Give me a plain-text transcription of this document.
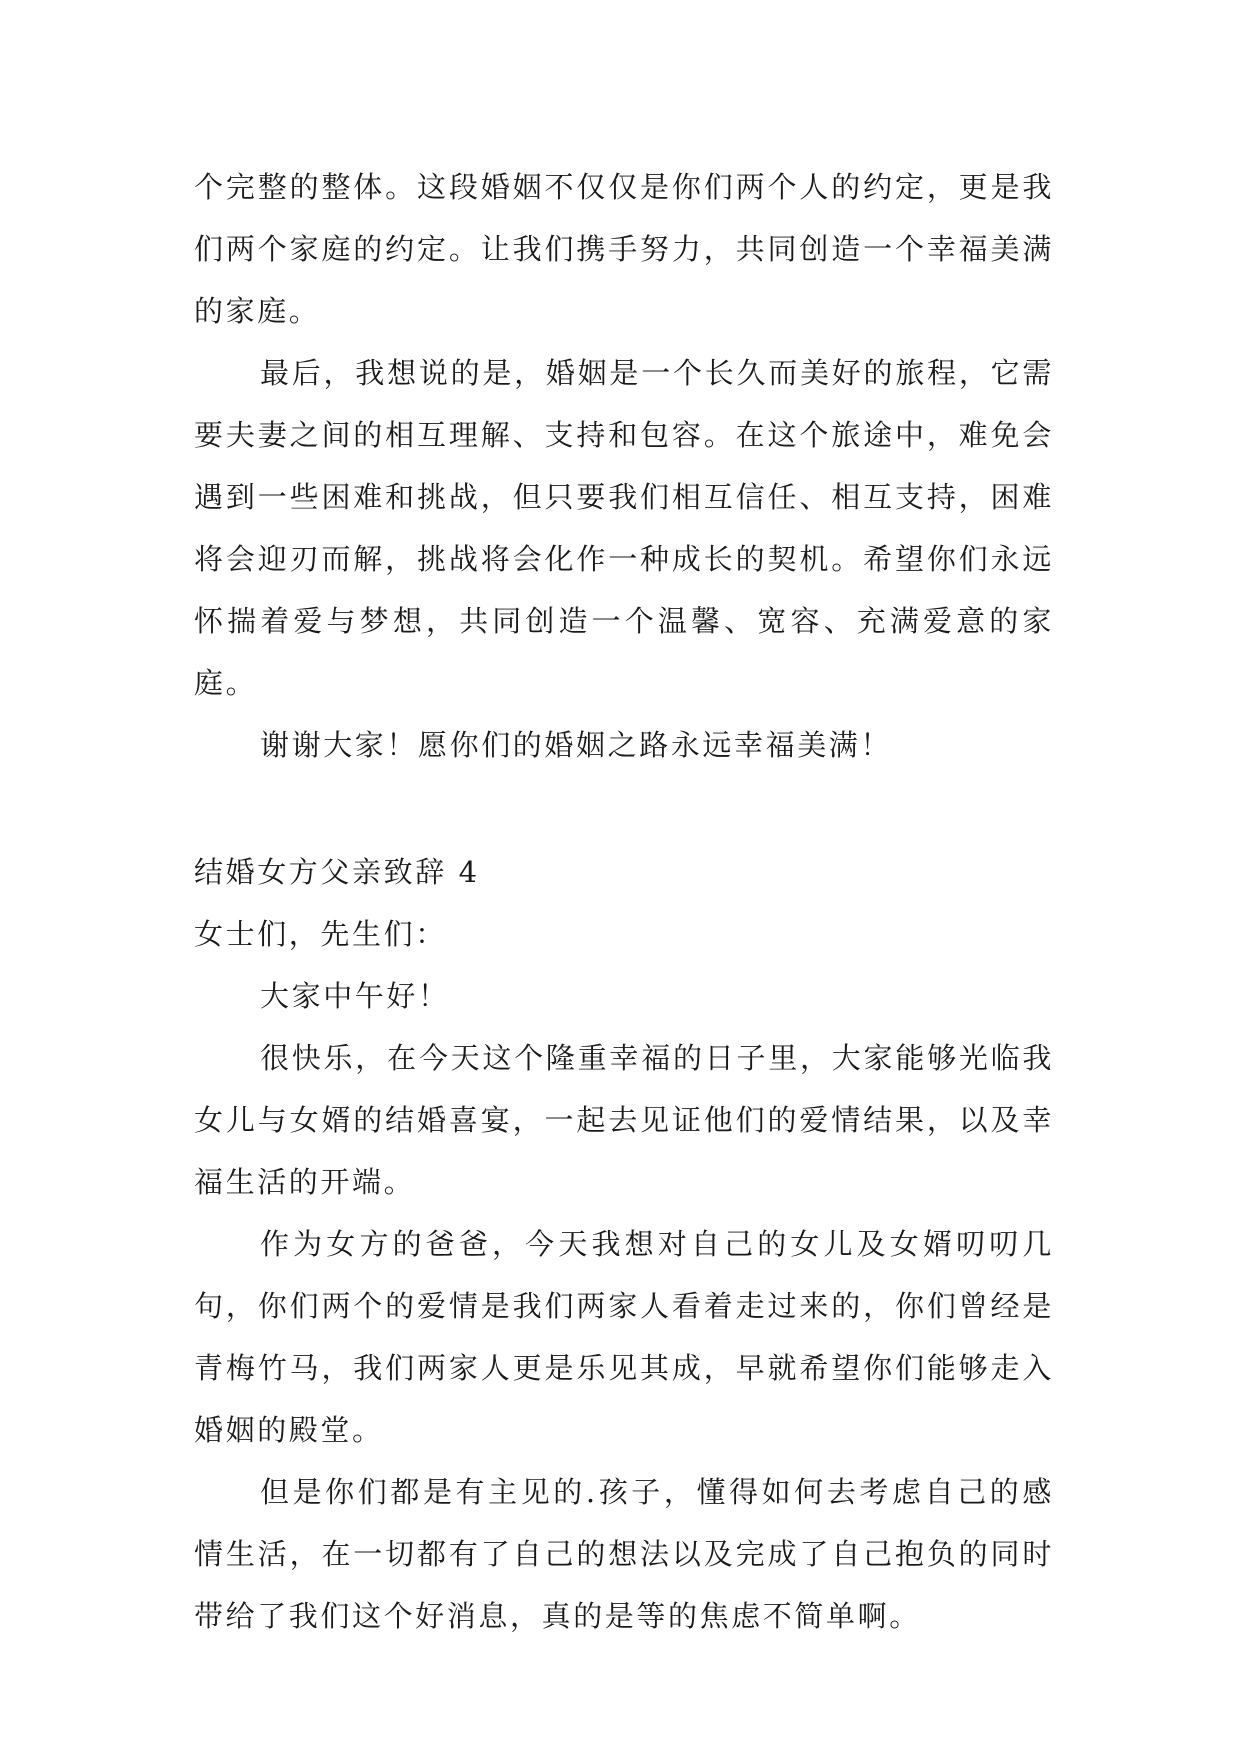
个完整的整体。这段婚姻不仅仅是你们两个人的约定，更是我们两个家庭的约定。让我们携手努力，共同创造一个幸福美满的家庭。

最后，我想说的是，婚姻是一个长久而美好的旅程，它需要夫妻之间的相互理解、支持和包容。在这个旅途中，难免会遇到一些困难和挑战，但只要我们相互信任、相互支持，困难将会迎刃而解，挑战将会化作一种成长的契机。希望你们永远怀揣着爱与梦想，共同创造一个温馨、宽容、充满爱意的家庭。

谢谢大家！愿你们的婚姻之路永远幸福美满！

结婚女方父亲致辞 4

女士们，先生们：

大家中午好！

很快乐，在今天这个隆重幸福的日子里，大家能够光临我女儿与女婿的结婚喜宴，一起去见证他们的爱情结果，以及幸福生活的开端。

作为女方的爸爸，今天我想对自己的女儿及女婿叨叨几句，你们两个的爱情是我们两家人看着走过来的，你们曾经是青梅竹马，我们两家人更是乐见其成，早就希望你们能够走入婚姻的殿堂。

但是你们都是有主见的.孩子，懂得如何去考虑自己的感情生活，在一切都有了自己的想法以及完成了自己抱负的同时带给了我们这个好消息，真的是等的焦虑不简单啊。
